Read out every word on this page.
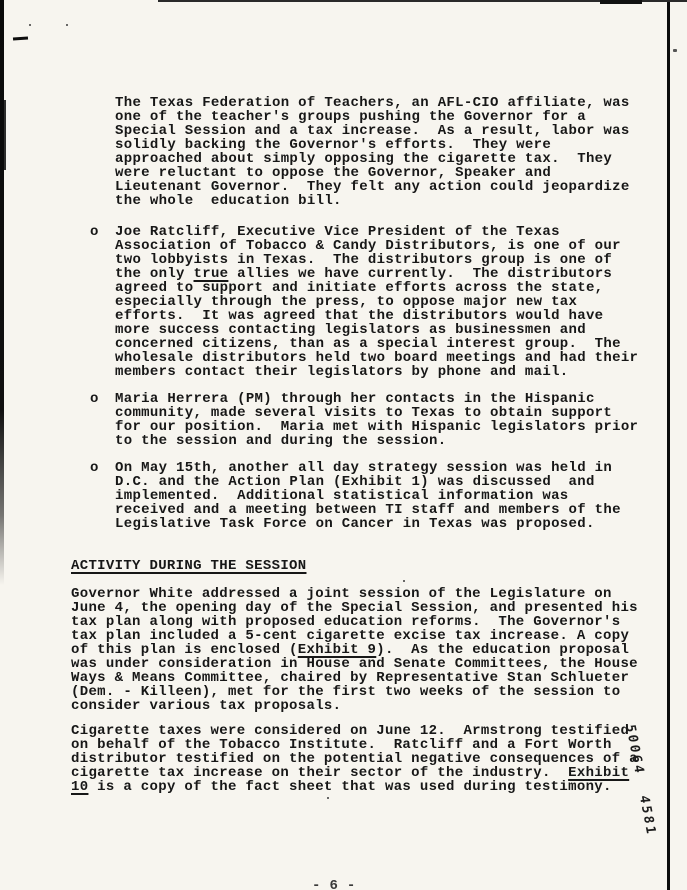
The Texas Federation of Teachers, an AFL-CIO affiliate, was
one of the teacher's groups pushing the Governor for a
Special Session and a tax increase.  As a result, labor was
solidly backing the Governor's efforts.  They were
approached about simply opposing the cigarette tax.  They
were reluctant to oppose the Governor, Speaker and
Lieutenant Governor.  They felt any action could jeopardize
the whole  education bill.
o Joe Ratcliff, Executive Vice President of the Texas
Association of Tobacco & Candy Distributors, is one of our
two lobbyists in Texas.  The distributors group is one of
the only true allies we have currently.  The distributors
agreed to support and initiate efforts across the state,
especially through the press, to oppose major new tax
efforts.  It was agreed that the distributors would have
more success contacting legislators as businessmen and
concerned citizens, than as a special interest group.  The
wholesale distributors held two board meetings and had their
members contact their legislators by phone and mail.
o Maria Herrera (PM) through her contacts in the Hispanic
community, made several visits to Texas to obtain support
for our position.  Maria met with Hispanic legislators prior
to the session and during the session.
o On May 15th, another all day strategy session was held in
D.C. and the Action Plan (Exhibit 1) was discussed  and
implemented.  Additional statistical information was
received and a meeting between TI staff and members of the
Legislative Task Force on Cancer in Texas was proposed.
ACTIVITY DURING THE SESSION
Governor White addressed a joint session of the Legislature on
June 4, the opening day of the Special Session, and presented his
tax plan along with proposed education reforms.  The Governor's
tax plan included a 5-cent cigarette excise tax increase. A copy
of this plan is enclosed (Exhibit 9).  As the education proposal
was under consideration in House and Senate Committees, the House
Ways & Means Committee, chaired by Representative Stan Schlueter
(Dem. - Killeen), met for the first two weeks of the session to
consider various tax proposals.
Cigarette taxes were considered on June 12.  Armstrong testified
on behalf of the Tobacco Institute.  Ratcliff and a Fort Worth
distributor testified on the potential negative consequences of a
cigarette tax increase on their sector of the industry.  Exhibit
10 is a copy of the fact sheet that was used during testimony. 50064  4581
- 6 -
